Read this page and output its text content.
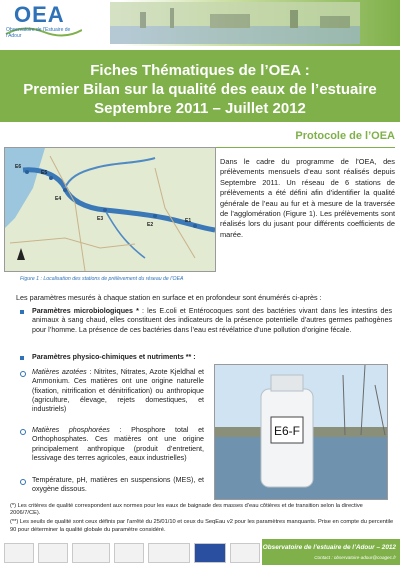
OEA
Observatoire de l'Estuaire de l'Adour
Fiches Thématiques de l’OEA :
Premier Bilan sur la qualité des eaux de l’estuaire
Septembre 2011 – Juillet 2012
Protocole de l’OEA
E6
E5
E4
E3
E2
E1
Figure 1 : Localisation des stations de prélèvement du réseau de l’OEA
Dans le cadre du programme de l’OEA, des prélèvements mensuels d’eau sont réalisés depuis Septembre 2011. Un réseau de 6 stations de prélèvements a été défini afin d’identifier la qualité générale de l’eau au fur et à mesure de la traversée de l’agglomération (Figure 1). Les prélèvements sont réalisés lors du jusant pour différents coefficients de marée.
Les paramètres mesurés à chaque station en surface et en profondeur sont énumérés ci-après :
Paramètres microbiologiques * : les E.coli et Entérocoques sont des bactéries vivant dans les intestins des animaux à sang chaud, elles constituent des indicateurs de la présence potentielle d’autres germes pathogènes pour l’homme. La présence de ces bactéries dans l’eau est révélatrice d’une pollution d’origine fécale.
Paramètres physico-chimiques et nutriments ** :
Matières azotées : Nitrites, Nitrates, Azote Kjeldhal et Ammonium. Ces matières ont une origine naturelle (fixation, nitrification et dénitrification) ou anthropique (agriculture, élevage, rejets domestiques, et industriels)
Matières phosphorées : Phosphore total et Orthophosphates. Ces matières ont une origine principalement anthropique (produit d’entretient, lessivage des terres agricoles, eaux industrielles)
Température, pH, matières en suspensions (MES), et oxygène dissous.
E6-F
(*) Les critères de qualité correspondent aux normes pour les eaux de baignade des masses d’eau côtières et de transition selon la directive 2006/7/CE).
(**) Les seuils de qualité sont ceux définis par l’arrêté du 25/01/10 et ceux du SeqEau v2 pour les paramètres manquants. Prise en compte du percentile 90 pour déterminer la qualité globale du paramètre considéré.
Observatoire de l’estuaire de l’Adour – 2012
Contact : observatoire-adour@coagec.fr
